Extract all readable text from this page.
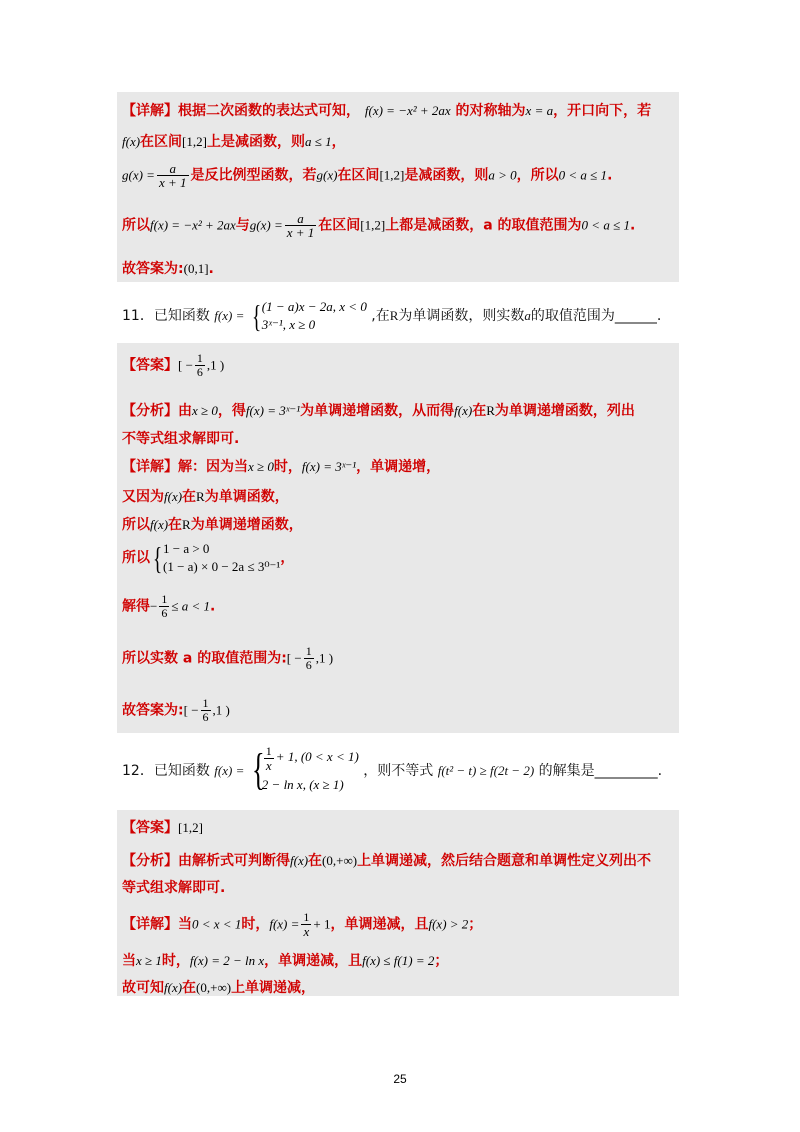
【详解】根据二次函数的表达式可知， f(x) = −x² + 2ax 的对称轴为x = a，开口向下，若
f(x)在区间[1,2]上是减函数，则a ≤ 1，
$g(x) = \frac{a}{x + 1}$ 是反比例型函数，若g(x)在区间[1,2]是减函数，则a > 0，所以0 < a ≤ 1.
所以f(x) = −x² + 2ax与$g(x) = \frac{a}{x + 1}$ 在区间[1,2]上都是减函数，a 的取值范围为0 < a ≤ 1.
故答案为:(0,1].
11．已知函数 f(x) = { (1 − a)x − 2a, x < 0
3ˣ⁻¹, x ≥ 0
,在R为单调函数，则实数a的取值范围为______.
【答案】[ − $\frac{1}{6} ,1$ )
【分析】由x ≥ 0，得f(x) = 3ˣ⁻¹为单调递增函数，从而得f(x)在R为单调递增函数，列出
不等式组求解即可.
【详解】解：因为当x ≥ 0时，f(x) = 3ˣ⁻¹，单调递增，
又因为f(x)在R为单调函数，
所以f(x)在R为单调递增函数，
所以 { 1 − a > 0
(1 − a) × 0 − 2a ≤ 3⁰⁻¹
，
解得− $\frac{1}{6} \le a < 1$.
所以实数 a 的取值范围为:[ − $\frac{1}{6} ,1$ )
故答案为:[ − $\frac{1}{6} ,1$ )
12．已知函数 f(x) = { $\frac{1}{x} + 1$, (0 < x < 1)
2 − ln x, (x ≥ 1)
，则不等式 f(t² − t) ≥ f(2t − 2) 的解集是_________.
【答案】[1,2]
【分析】由解析式可判断得f(x)在(0,+∞)上单调递减，然后结合题意和单调性定义列出不
等式组求解即可.
【详解】当0 < x < 1时，$f(x) = \frac{1}{x} + 1$，单调递减，且f(x) > 2；
当x ≥ 1时，f(x) = 2 − ln x，单调递减，且f(x) ≤ f(1) = 2；
故可知f(x)在(0,+∞)上单调递减，
25
